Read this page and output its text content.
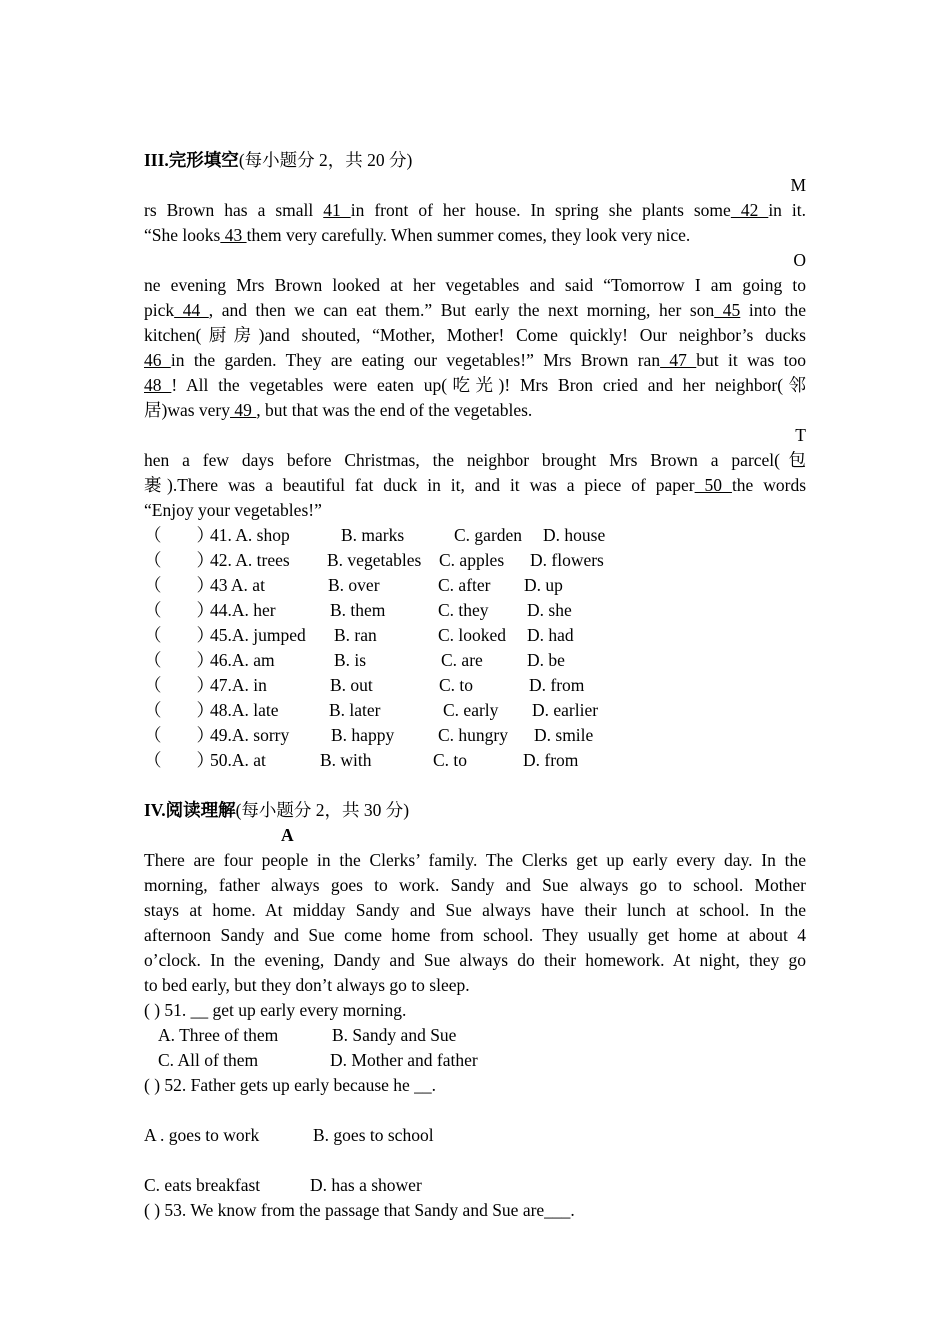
III.完形填空(每小题分 2，共 20 分)
M
rs Brown has a small 41 in front of her house. In spring she plants some 42 in it.
“She looks 43 them very carefully. When summer comes, they look very nice.
O
ne evening Mrs Brown looked at her vegetables and said “Tomorrow I am going to
pick 44 , and then we can eat them.” But early the next morning, her son 45 into the
kitchen(厨房)and shouted, “Mother, Mother! Come quickly! Our neighbor’s ducks
46 in the garden. They are eating our vegetables!” Mrs Brown ran 47 but it was too
48 ! All the vegetables were eaten up(吃光)! Mrs Bron cried and her neighbor(邻
居)was very 49 , but that was the end of the vegetables.
T
hen a few days before Christmas, the neighbor brought Mrs Brown a parcel(包
裹).There was a beautiful fat duck in it, and it was a piece of paper 50 the words
“Enjoy your vegetables!”
（　　）
41. A. shop	B. marks	C. garden	D. house
（　　）
42. A. trees	B. vegetables	C. apples	D. flowers
（　　）
43 A. at	B. over	C. after	D. up
（　　）
44.A. her	B. them	C. they	D. she
（　　）
45.A. jumped	B. ran	C. looked	D. had
（　　）
46.A. am	B. is	C. are	D. be
（　　）
47.A. in	B. out	C. to	D. from
（　　）
48.A. late	B. later	C. early	D. earlier
（　　）
49.A. sorry	B. happy	C. hungry	D. smile
（　　）
50.A. at	B. with	C. to	D. from
IV.阅读理解(每小题分 2，共 30 分)
A
There are four people in the Clerks’ family. The Clerks get up early every day. In the
morning, father always goes to work. Sandy and Sue always go to school. Mother
stays at home. At midday Sandy and Sue always have their lunch at school. In the
afternoon Sandy and Sue come home from school. They usually get home at about 4
o’clock. In the evening, Dandy and Sue always do their homework. At night, they go
to bed early, but they don’t always go to sleep.
( ) 51. __ get up early every morning.
A. Three of them	B. Sandy and Sue
C. All of them	D. Mother and father
( ) 52. Father gets up early because he __.
A . goes to work	B. goes to school
C. eats breakfast	D. has a shower
( ) 53. We know from the passage that Sandy and Sue are___.
